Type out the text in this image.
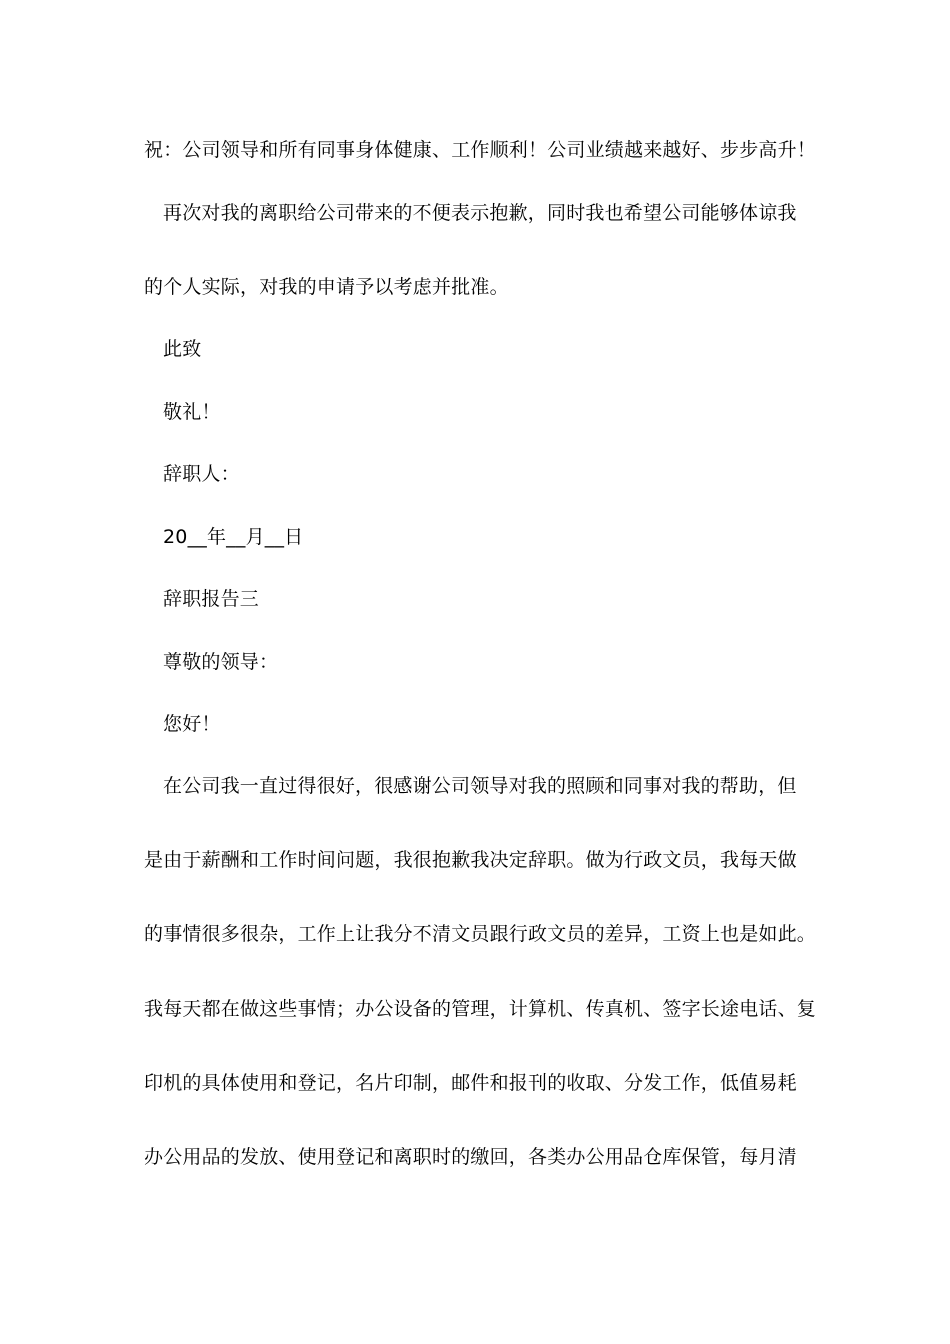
祝：公司领导和所有同事身体健康、工作顺利！公司业绩越来越好、步步高升！
再次对我的离职给公司带来的不便表示抱歉，同时我也希望公司能够体谅我
的个人实际，对我的申请予以考虑并批准。
此致
敬礼！
辞职人：
20__年__月__日
辞职报告三
尊敬的领导：
您好！
在公司我一直过得很好，很感谢公司领导对我的照顾和同事对我的帮助，但
是由于薪酬和工作时间问题，我很抱歉我决定辞职。做为行政文员，我每天做
的事情很多很杂，工作上让我分不清文员跟行政文员的差异，工资上也是如此。
我每天都在做这些事情；办公设备的管理，计算机、传真机、签字长途电话、复
印机的具体使用和登记，名片印制，邮件和报刊的收取、分发工作，低值易耗
办公用品的发放、使用登记和离职时的缴回，各类办公用品仓库保管，每月清
